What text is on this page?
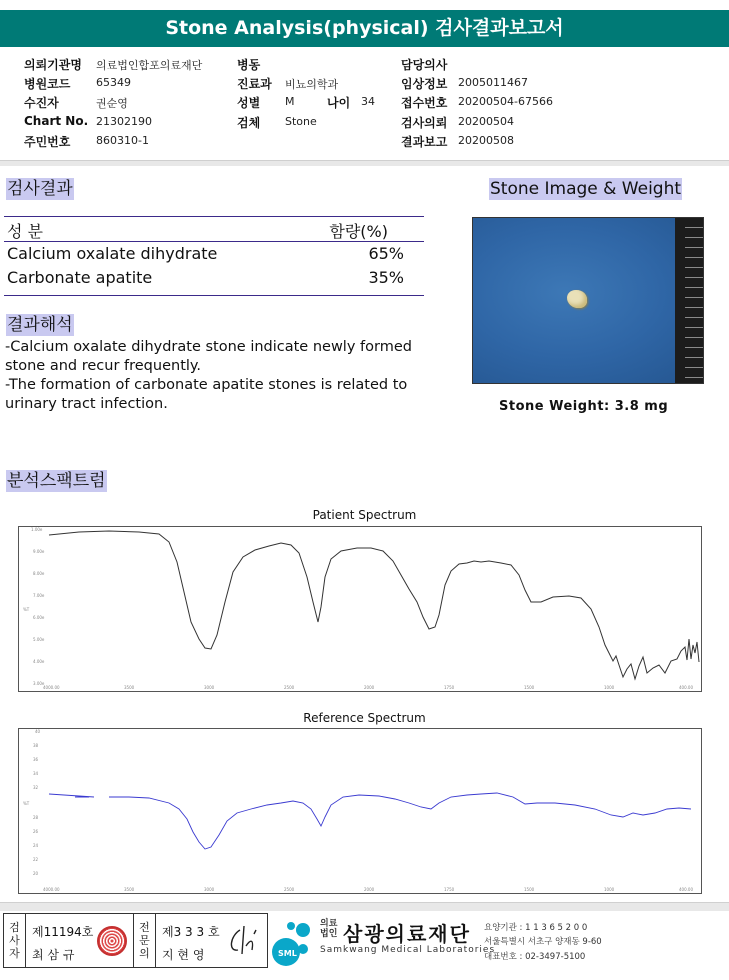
Stone Analysis(physical) 검사결과보고서
의뢰기관명 의료법인합포의료재단
병원코드 65349
수진자	권순영
Chart No. 21302190
주민번호 860310-1
병동
진료과 비뇨의학과
성별 M
검체 Stone
나이 34
담당의사
임상정보 2005011467
접수번호 20200504-67566
검사의뢰 20200504
결과보고 20200508
검사결과
성 분	함량(%)
Calcium oxalate dihydrate	65%
Carbonate apatite	35%
결과해석
-Calcium oxalate dihydrate stone indicate newly formed stone and recur frequently.
-The formation of carbonate apatite stones is related to urinary tract infection.
Stone Image & Weight
Stone Weight: 3.8 mg
분석스팩트럼
Patient Spectrum
1.00e
9.00e
8.00e
7.00e
%T
6.00e
5.00e
4.00e
3.00e
4000.00	3500	3000	2500	2000	1750	1500	1000	400.00
Reference Spectrum
40
38
36
34
32
%T
28
26
24
22
20
4000.00	3500	3000	2500	2000	1750	1500	1000	400.00
검사자
제11194호
최 삼 규
전문의
제3 3 3 호
지 현 영	SML
의료
법인 삼광의료재단
Samkwang Medical Laboratories
요양기관 : 1 1 3 6 5 2 0 0
서울특별시 서초구 양재동 9-60
대표번호 : 02-3497-5100
